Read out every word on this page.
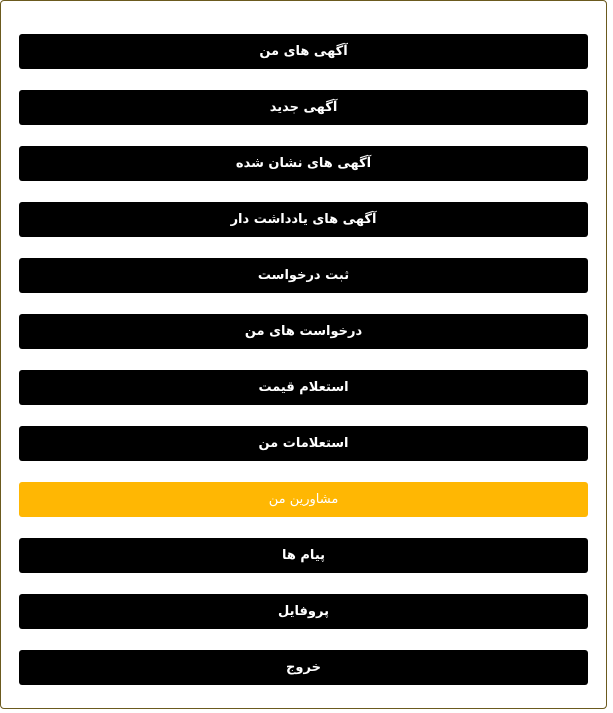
آگهی های من
آگهی جدید
آگهی های نشان شده
آگهی های یادداشت دار
ثبت درخواست
درخواست های من
استعلام قیمت
استعلامات من
مشاورین من
پیام ها
پروفایل
خروج
